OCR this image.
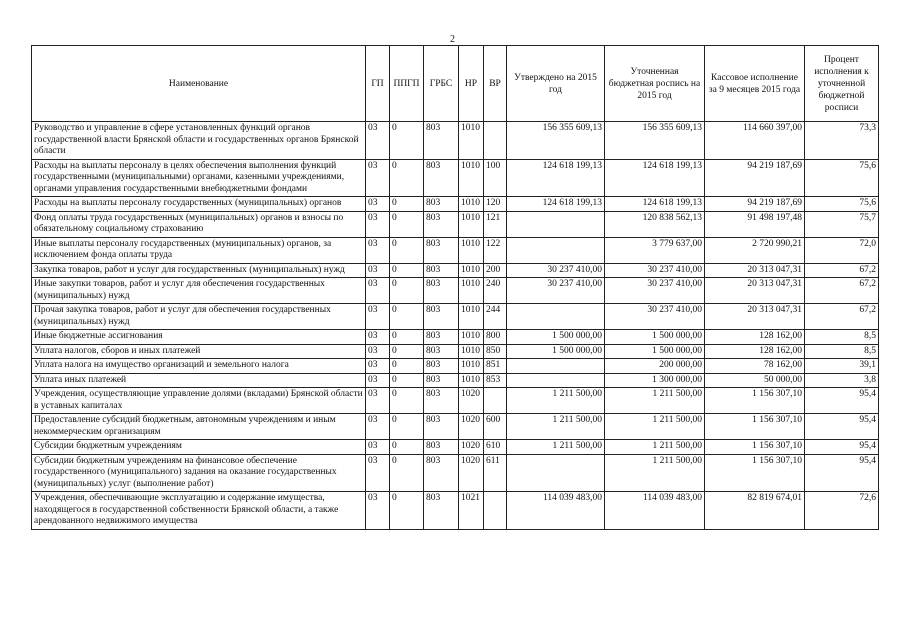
2
Наименование	ГП	ППГП	ГРБС	НР	ВР	Утверждено на 2015 год	Уточненная бюджетная роспись на 2015 год	Кассовое исполнение за 9 месяцев 2015 года	Процент исполнения к уточненной бюджетной росписи
Руководство и управление в сфере установленных функций органов государственной власти Брянской области и государственных органов Брянской области	03	0	803	1010		156 355 609,13	156 355 609,13	114 660 397,00	73,3
Расходы на выплаты персоналу в целях обеспечения выполнения функций государственными (муниципальными) органами, казенными учреждениями, органами управления государственными внебюджетными фондами	03	0	803	1010	100	124 618 199,13	124 618 199,13	94 219 187,69	75,6
Расходы на выплаты персоналу государственных (муниципальных) органов	03	0	803	1010	120	124 618 199,13	124 618 199,13	94 219 187,69	75,6
Фонд оплаты труда государственных (муниципальных) органов и взносы по обязательному социальному страхованию	03	0	803	1010	121		120 838 562,13	91 498 197,48	75,7
Иные выплаты персоналу государственных (муниципальных) органов, за исключением фонда оплаты труда	03	0	803	1010	122		3 779 637,00	2 720 990,21	72,0
Закупка товаров, работ и услуг для государственных (муниципальных) нужд	03	0	803	1010	200	30 237 410,00	30 237 410,00	20 313 047,31	67,2
Иные закупки товаров, работ и услуг для обеспечения государственных (муниципальных) нужд	03	0	803	1010	240	30 237 410,00	30 237 410,00	20 313 047,31	67,2
Прочая закупка товаров, работ и услуг для обеспечения государственных (муниципальных) нужд	03	0	803	1010	244		30 237 410,00	20 313 047,31	67,2
Иные бюджетные ассигнования	03	0	803	1010	800	1 500 000,00	1 500 000,00	128 162,00	8,5
Уплата налогов, сборов и иных платежей	03	0	803	1010	850	1 500 000,00	1 500 000,00	128 162,00	8,5
Уплата налога на имущество организаций и земельного налога	03	0	803	1010	851		200 000,00	78 162,00	39,1
Уплата иных платежей	03	0	803	1010	853		1 300 000,00	50 000,00	3,8
Учреждения, осуществляющие управление долями (вкладами) Брянской области в уставных капиталах	03	0	803	1020		1 211 500,00	1 211 500,00	1 156 307,10	95,4
Предоставление субсидий бюджетным, автономным учреждениям и иным некоммерческим организациям	03	0	803	1020	600	1 211 500,00	1 211 500,00	1 156 307,10	95,4
Субсидии бюджетным учреждениям	03	0	803	1020	610	1 211 500,00	1 211 500,00	1 156 307,10	95,4
Субсидии бюджетным учреждениям на финансовое обеспечение государственного (муниципального) задания на оказание государственных (муниципальных) услуг (выполнение работ)	03	0	803	1020	611		1 211 500,00	1 156 307,10	95,4
Учреждения, обеспечивающие эксплуатацию и содержание имущества, находящегося в государственной собственности Брянской области, а также арендованного недвижимого имущества	03	0	803	1021		114 039 483,00	114 039 483,00	82 819 674,01	72,6
